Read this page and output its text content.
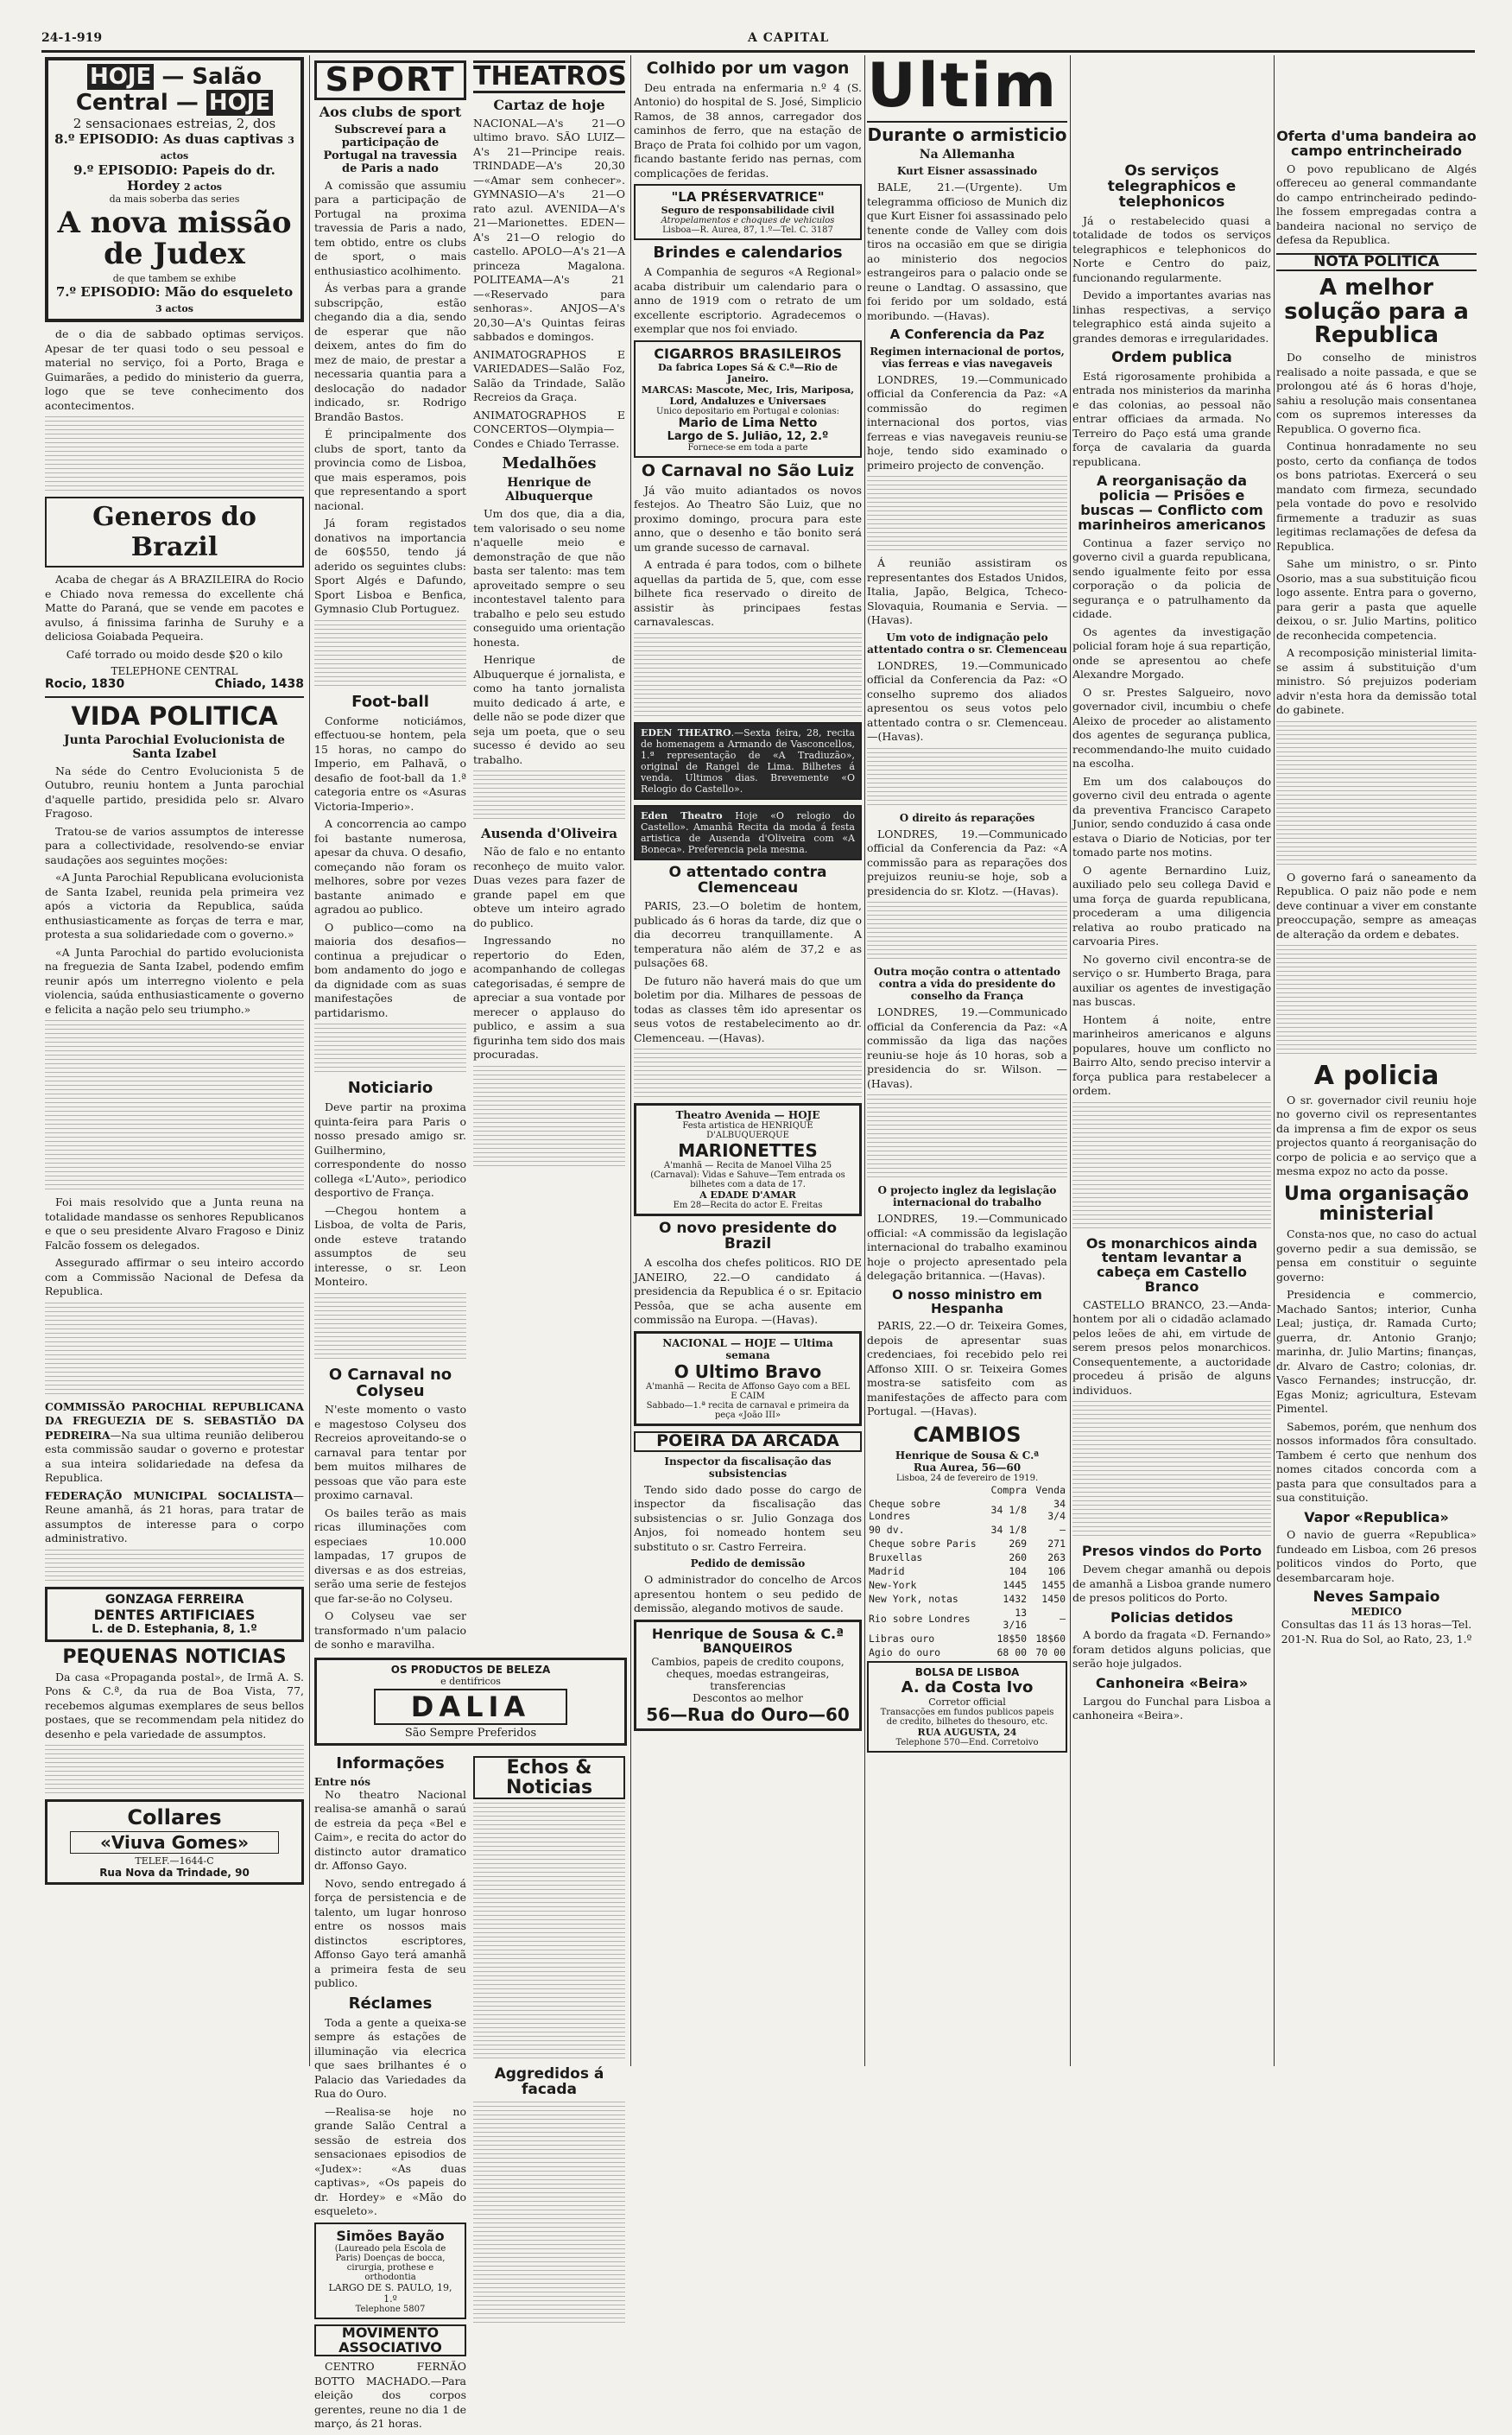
24-1-919	A CAPITAL
HOJE — Salão Central — HOJE
2 sensacionaes estreias, 2, dos
8.º EPISODIO: As duas captivas 3 actos
9.º EPISODIO: Papeis do dr. Hordey 2 actos
da mais soberba das series
A nova missão de Judex
de que tambem se exhibe
7.º EPISODIO: Mão do esqueleto 3 actos

de o dia de sabbado optimas serviços. Apesar de ter quasi todo o seu pessoal e material no serviço, foi a Porto, Braga e Guimarães, a pedido do ministerio da guerra, logo que se teve conhecimento dos acontecimentos.

Generos do Brazil

Acaba de chegar ás A BRAZILEIRA do Rocio e Chiado nova remessa do excellente chá Matte do Paraná, que se vende em pacotes e avulso, á finissima farinha de Suruhy e a deliciosa Goiabada Pequeira.

Café torrado ou moido desde $20 o kilo

TELEPHONE CENTRAL
Rocio, 1830	Chiado, 1438
VIDA POLITICA
Junta Parochial Evolucionista de Santa Izabel

Na séde do Centro Evolucionista 5 de Outubro, reuniu hontem a Junta parochial d'aquelle partido, presidida pelo sr. Alvaro Fragoso.

Tratou-se de varios assumptos de interesse para a collectividade, resolvendo-se enviar saudações aos seguintes moções:

«A Junta Parochial Republicana evolucionista de Santa Izabel, reunida pela primeira vez após a victoria da Republica, saúda enthusiasticamente as forças de terra e mar, protesta a sua solidariedade com o governo.»

«A Junta Parochial do partido evolucionista na freguezia de Santa Izabel, podendo emfim reunir após um interregno violento e pela violencia, saúda enthusiasticamente o governo e felicita a nação pelo seu triumpho.»

Foi mais resolvido que a Junta reuna na totalidade mandasse os senhores Republicanos e que o seu presidente Alvaro Fragoso e Diniz Falcão fossem os delegados.

Assegurado affirmar o seu inteiro accordo com a Commissão Nacional de Defesa da Republica.

COMMISSÃO PAROCHIAL REPUBLICANA DA FREGUEZIA DE S. SEBASTIÃO DA PEDREIRA—Na sua ultima reunião deliberou esta commissão saudar o governo e protestar a sua inteira solidariedade na defesa da Republica.

FEDERAÇÃO MUNICIPAL SOCIALISTA—Reune amanhã, ás 21 horas, para tratar de assumptos de interesse para o corpo administrativo.

GONZAGA FERREIRA
DENTES ARTIFICIAES
L. de D. Estephania, 8, 1.º
PEQUENAS NOTICIAS

Da casa «Propaganda postal», de Irmã A. S. Pons & C.ª, da rua de Boa Vista, 77, recebemos algumas exemplares de seus bellos postaes, que se recommendam pela nitidez do desenho e pela variedade de assumptos.

Collares
«Viuva Gomes»
TELEF.—1644-C
Rua Nova da Trindade, 90
SPORT
Aos clubs de sport
Subscreveí para a participação de Portugal na travessia de Paris a nado

A comissão que assumiu para a participação de Portugal na proxima travessia de Paris a nado, tem obtido, entre os clubs de sport, o mais enthusiastico acolhimento.

Ás verbas para a grande subscripção, estão chegando dia a dia, sendo de esperar que não deixem, antes do fim do mez de maio, de prestar a necessaria quantia para a deslocação do nadador indicado, sr. Rodrigo Brandão Bastos.

É principalmente dos clubs de sport, tanto da provincia como de Lisboa, que mais esperamos, pois que representando a sport nacional.

Já foram registados donativos na importancia de 60$550, tendo já aderido os seguintes clubs: Sport Algés e Dafundo, Sport Lisboa e Benfica, Gymnasio Club Portuguez.

Foot-ball

Conforme noticiámos, effectuou-se hontem, pela 15 horas, no campo do Imperio, em Palhavã, o desafio de foot-ball da 1.ª categoria entre os «Asuras Victoria-Imperio».

A concorrencia ao campo foi bastante numerosa, apesar da chuva. O desafio, começando não foram os melhores, sobre por vezes bastante animado e agradou ao publico.

O publico—como na maioria dos desafios—continua a prejudicar o bom andamento do jogo e da dignidade com as suas manifestações de partidarismo.

Noticiario

Deve partir na proxima quinta-feira para Paris o nosso presado amigo sr. Guilhermino, correspondente do nosso collega «L'Auto», periodico desportivo de França.

—Chegou hontem a Lisboa, de volta de Paris, onde esteve tratando assumptos de seu interesse, o sr. Leon Monteiro.

O Carnaval no Colyseu

N'este momento o vasto e magestoso Colyseu dos Recreios aproveitando-se o carnaval para tentar por bem muitos milhares de pessoas que vão para este proximo carnaval.

Os bailes terão as mais ricas illuminações com especiaes 10.000 lampadas, 17 grupos de diversas e as dos estreias, serão uma serie de festejos que far-se-ão no Colyseu.

O Colyseu vae ser transformado n'um palacio de sonho e maravilha.

THEATROS
Cartaz de hoje

NACIONAL—A's 21—O ultimo bravo. SÃO LUIZ—A's 21—Principe reais. TRINDADE—A's 20,30—«Amar sem conhecer». GYMNASIO—A's 21—O rato azul. AVENIDA—A's 21—Marionettes. EDEN—A's 21—O relogio do castello. APOLO—A's 21—A princeza Magalona. POLITEAMA—A's 21—«Reservado para senhoras». ANJOS—A's 20,30—A's Quintas feiras sabbados e domingos.

ANIMATOGRAPHOS E VARIEDADES—Salão Foz, Salão da Trindade, Salão Recreios da Graça.

ANIMATOGRAPHOS E CONCERTOS—Olympia—Condes e Chiado Terrasse.

Medalhões
Henrique de Albuquerque

Um dos que, dia a dia, tem valorisado o seu nome n'aquelle meio e demonstração de que não basta ser talento: mas tem aproveitado sempre o seu incontestavel talento para trabalho e pelo seu estudo conseguido uma orientação honesta.

Henrique de Albuquerque é jornalista, e como ha tanto jornalista muito dedicado á arte, e delle não se pode dizer que seja um poeta, que o seu sucesso é devido ao seu trabalho.

Ausenda d'Oliveira

Não de falo e no entanto reconheço de muito valor. Duas vezes para fazer de grande papel em que obteve um inteiro agrado do publico.

Ingressando no repertorio do Eden, acompanhando de collegas categorisadas, é sempre de apreciar a sua vontade por merecer o applauso do publico, e assim a sua figurinha tem sido dos mais procuradas.

OS PRODUCTOS DE BELEZA
e dentifricos
DALIA
São Sempre Preferidos
Informações
Entre nós

No theatro Nacional realisa-se amanhã o saraú de estreia da peça «Bel e Caim», e recita do actor do distincto autor dramatico dr. Affonso Gayo.

Novo, sendo entregado á força de persistencia e de talento, um lugar honroso entre os nossos mais distinctos escriptores, Affonso Gayo terá amanhã a primeira festa de seu publico.

Réclames

Toda a gente a queixa-se sempre ás estações de illuminação via elecrica que saes brilhantes é o Palacio das Variedades da Rua do Ouro.

—Realisa-se hoje no grande Salão Central a sessão de estreia dos sensacionaes episodios de «Judex»: «As duas captivas», «Os papeis do dr. Hordey» e «Mão do esqueleto».

Simões Bayão
(Laureado pela Escola de Paris) Doenças de bocca, cirurgia, prothese e orthodontia
LARGO DE S. PAULO, 19, 1.º
Telephone 5807
MOVIMENTO ASSOCIATIVO

CENTRO FERNÃO BOTTO MACHADO.—Para eleição dos corpos gerentes, reune no dia 1 de março, ás 21 horas.

Echos & Noticias
Aggredidos á facada
Colhido por um vagon

Deu entrada na enfermaria n.º 4 (S. Antonio) do hospital de S. José, Simplicio Ramos, de 38 annos, carregador dos caminhos de ferro, que na estação de Braço de Prata foi colhido por um vagon, ficando bastante ferido nas pernas, com complicações de feridas.

"LA PRÉSERVATRICE"
Seguro de responsabilidade civil
Atropelamentos e choques de vehiculos
Lisboa—R. Aurea, 87, 1.º—Tel. C. 3187
Brindes e calendarios

A Companhia de seguros «A Regional» acaba distribuir um calendario para o anno de 1919 com o retrato de um excellente escriptorio. Agradecemos o exemplar que nos foi enviado.

CIGARROS BRASILEIROS
Da fabrica Lopes Sá & C.ª—Rio de Janeiro.
MARCAS: Mascote, Mec, Iris, Mariposa, Lord, Andaluzes e Universaes
Unico depositario em Portugal e colonias:
Mario de Lima Netto
Largo de S. Julião, 12, 2.º
Fornece-se em toda a parte
O Carnaval no São Luiz

Já vão muito adiantados os novos festejos. Ao Theatro São Luiz, que no proximo domingo, procura para este anno, que o desenho e tão bonito será um grande sucesso de carnaval.

A entrada é para todos, com o bilhete aquellas da partida de 5, que, com esse bilhete fica reservado o direito de assistir às principaes festas carnavalescas.

EDEN THEATRO.—Sexta feira, 28, recita de homenagem a Armando de Vasconcellos, 1.ª representação de «A Tradiuzão», original de Rangel de Lima. Bilhetes á venda. Ultimos dias. Brevemente «O Relogio do Castello».
Eden Theatro Hoje «O relogio do Castello». Amanhã Recita da moda á festa artistica de Ausenda d'Oliveira com «A Boneca». Preferencia pela mesma.
O attentado contra Clemenceau

PARIS, 23.—O boletim de hontem, publicado ás 6 horas da tarde, diz que o dia decorreu tranquillamente. A temperatura não além de 37,2 e as pulsações 68.

De futuro não haverá mais do que um boletim por dia. Milhares de pessoas de todas as classes têm ido apresentar os seus votos de restabelecimento ao dr. Clemenceau. —(Havas).

Theatro Avenida — HOJE
Festa artistica de HENRIQUE D'ALBUQUERQUE
MARIONETTES
A'manhã — Recita de Manoel Vilha 25 (Carnaval): Vidas e Sahuve—Tem entrada os bilhetes com a data de 17.
A EDADE D'AMAR
Em 28—Recita do actor E. Freitas
O novo presidente do Brazil

A escolha dos chefes politicos. RIO DE JANEIRO, 22.—O candidato á presidencia da Republica é o sr. Epitacio Pessôa, que se acha ausente em commissão na Europa. —(Havas).

NACIONAL — HOJE — Ultima semana
O Ultimo Bravo
A'manhã — Recita de Affonso Gayo com a BEL E CAIM
Sabbado—1.ª recita de carnaval e primeira da peça «João III»
POEIRA DA ARCADA
Inspector da fiscalisação das subsistencias

Tendo sido dado posse do cargo de inspector da fiscalisação das subsistencias o sr. Julio Gonzaga dos Anjos, foi nomeado hontem seu substituto o sr. Castro Ferreira.

Pedido de demissão

O administrador do concelho de Arcos apresentou hontem o seu pedido de demissão, alegando motivos de saude.

Henrique de Sousa & C.ª
BANQUEIROS
Cambios, papeis de credito coupons, cheques, moedas estrangeiras, transferencias
Descontos ao melhor
56—Rua do Ouro—60
Ultim
Durante o armisticio
Na Allemanha
Kurt Eisner assassinado

BALE, 21.—(Urgente). Um telegramma officioso de Munich diz que Kurt Eisner foi assassinado pelo tenente conde de Valley com dois tiros na occasião em que se dirigia ao ministerio dos negocios estrangeiros para o palacio onde se reune o Landtag. O assassino, que foi ferido por um soldado, está moribundo. —(Havas).

A Conferencia da Paz
Regimen internacional de portos, vias ferreas e vias navegaveis

LONDRES, 19.—Communicado official da Conferencia da Paz: «A commissão do regimen internacional dos portos, vias ferreas e vias navegaveis reuniu-se hoje, tendo sido examinado o primeiro projecto de convenção.

Á reunião assistiram os representantes dos Estados Unidos, Italia, Japão, Belgica, Tcheco-Slovaquia, Roumania e Servia. —(Havas).

Um voto de indignação pelo attentado contra o sr. Clemenceau

LONDRES, 19.—Communicado official da Conferencia da Paz: «O conselho supremo dos aliados apresentou os seus votos pelo attentado contra o sr. Clemenceau. —(Havas).

O direito ás reparações

LONDRES, 19.—Communicado official da Conferencia da Paz: «A commissão para as reparações dos prejuizos reuniu-se hoje, sob a presidencia do sr. Klotz. —(Havas).

Outra moção contra o attentado contra a vida do presidente do conselho da França

LONDRES, 19.—Communicado official da Conferencia da Paz: «A commissão da liga das nações reuniu-se hoje ás 10 horas, sob a presidencia do sr. Wilson. —(Havas).

O projecto inglez da legislação internacional do trabalho

LONDRES, 19.—Communicado official: «A commissão da legislação internacional do trabalho examinou hoje o projecto apresentado pela delegação britannica. —(Havas).

O nosso ministro em Hespanha

PARIS, 22.—O dr. Teixeira Gomes, depois de apresentar suas credenciaes, foi recebido pelo rei Affonso XIII. O sr. Teixeira Gomes mostra-se satisfeito com as manifestações de affecto para com Portugal. —(Havas).

CAMBIOS
Henrique de Sousa & C.ª
Rua Aurea, 56—60
Lisboa, 24 de fevereiro de 1919.
	Compra	Venda
Cheque sobre Londres	34 1/8	34 3/4
90 dv.	34 1/8	—
Cheque sobre Paris	269	271
Bruxellas	260	263
Madrid	104	106
New-York	1445	1455
New York, notas	1432	1450
Rio sobre Londres	13 3/16	—
Libras ouro	18$50	18$60
Agio do ouro	68 00	70 00
BOLSA DE LISBOA
A. da Costa Ivo
Corretor official
Transacções em fundos publicos papeis de credito, bilhetes do thesouro, etc.
RUA AUGUSTA, 24
Telephone 570—End. Corretoivo
Os serviços telegraphicos e telephonicos

Já o restabelecido quasi a totalidade de todos os serviços telegraphicos e telephonicos do Norte e Centro do paiz, funcionando regularmente.

Devido a importantes avarias nas linhas respectivas, a serviço telegraphico está ainda sujeito a grandes demoras e irregularidades.

Ordem publica

Está rigorosamente prohibida a entrada nos ministerios da marinha e das colonias, ao pessoal não entrar officiaes da armada. No Terreiro do Paço está uma grande força de cavalaria da guarda republicana.

A reorganisação da policia — Prisões e buscas — Conflicto com marinheiros americanos

Continua a fazer serviço no governo civil a guarda republicana, sendo igualmente feito por essa corporação o da policia de segurança e o patrulhamento da cidade.

Os agentes da investigação policial foram hoje á sua repartição, onde se apresentou ao chefe Alexandre Morgado.

O sr. Prestes Salgueiro, novo governador civil, incumbiu o chefe Aleixo de proceder ao alistamento dos agentes de segurança publica, recommendando-lhe muito cuidado na escolha.

Em um dos calabouços do governo civil deu entrada o agente da preventiva Francisco Carapeto Junior, sendo conduzido á casa onde estava o Diario de Noticias, por ter tomado parte nos motins.

O agente Bernardino Luiz, auxiliado pelo seu collega David e uma força de guarda republicana, procederam a uma diligencia relativa ao roubo praticado na carvoaria Pires.

No governo civil encontra-se de serviço o sr. Humberto Braga, para auxiliar os agentes de investigação nas buscas.

Hontem á noite, entre marinheiros americanos e alguns populares, houve um conflicto no Bairro Alto, sendo preciso intervir a força publica para restabelecer a ordem.

Os monarchicos ainda tentam levantar a cabeça em Castello Branco

CASTELLO BRANCO, 23.—Anda-hontem por ali o cidadão aclamado pelos leões de ahi, em virtude de serem presos pelos monarchicos. Consequentemente, a auctoridade procedeu á prisão de alguns individuos.

Presos vindos do Porto

Devem chegar amanhã ou depois de amanhã a Lisboa grande numero de presos politicos do Porto.

Policias detidos

A bordo da fragata «D. Fernando» foram detidos alguns policias, que serão hoje julgados.

Canhoneira «Beira»

Largou do Funchal para Lisboa a canhoneira «Beira».

Oferta d'uma bandeira ao campo entrincheirado

O povo republicano de Algés offereceu ao general commandante do campo entrincheirado pedindo-lhe fossem empregadas contra a bandeira nacional no serviço de defesa da Republica.

NOTA POLITICA
A melhor solução para a Republica

Do conselho de ministros realisado a noite passada, e que se prolongou até ás 6 horas d'hoje, sahiu a resolução mais consentanea com os supremos interesses da Republica. O governo fica.

Continua honradamente no seu posto, certo da confiança de todos os bons patriotas. Exercerá o seu mandato com firmeza, secundado pela vontade do povo e resolvido firmemente a traduzir as suas legitimas reclamações de defesa da Republica.

Sahe um ministro, o sr. Pinto Osorio, mas a sua substituição ficou logo assente. Entra para o governo, para gerir a pasta que aquelle deixou, o sr. Julio Martins, politico de reconhecida competencia.

A recomposição ministerial limita-se assim á substituição d'um ministro. Só prejuizos poderiam advir n'esta hora da demissão total do gabinete.

O governo fará o saneamento da Republica. O paiz não pode e nem deve continuar a viver em constante preoccupação, sempre as ameaças de alteração da ordem e debates.

A policia

O sr. governador civil reuniu hoje no governo civil os representantes da imprensa a fim de expor os seus projectos quanto á reorganisação do corpo de policia e ao serviço que a mesma expoz no acto da posse.

Uma organisação ministerial

Consta-nos que, no caso do actual governo pedir a sua demissão, se pensa em constituir o seguinte governo:

Presidencia e commercio, Machado Santos; interior, Cunha Leal; justiça, dr. Ramada Curto; guerra, dr. Antonio Granjo; marinha, dr. Julio Martins; finanças, dr. Alvaro de Castro; colonias, dr. Vasco Fernandes; instrucção, dr. Egas Moniz; agricultura, Estevam Pimentel.

Sabemos, porém, que nenhum dos nossos informados fôra consultado. Tambem é certo que nenhum dos nomes citados concorda com a pasta para que consultados para a sua constituição.

Vapor «Republica»

O navio de guerra «Republica» fundeado em Lisboa, com 26 presos politicos vindos do Porto, que desembarcaram hoje.

Neves Sampaio
MEDICO

Consultas das 11 ás 13 horas—Tel. 201-N. Rua do Sol, ao Rato, 23, 1.º
